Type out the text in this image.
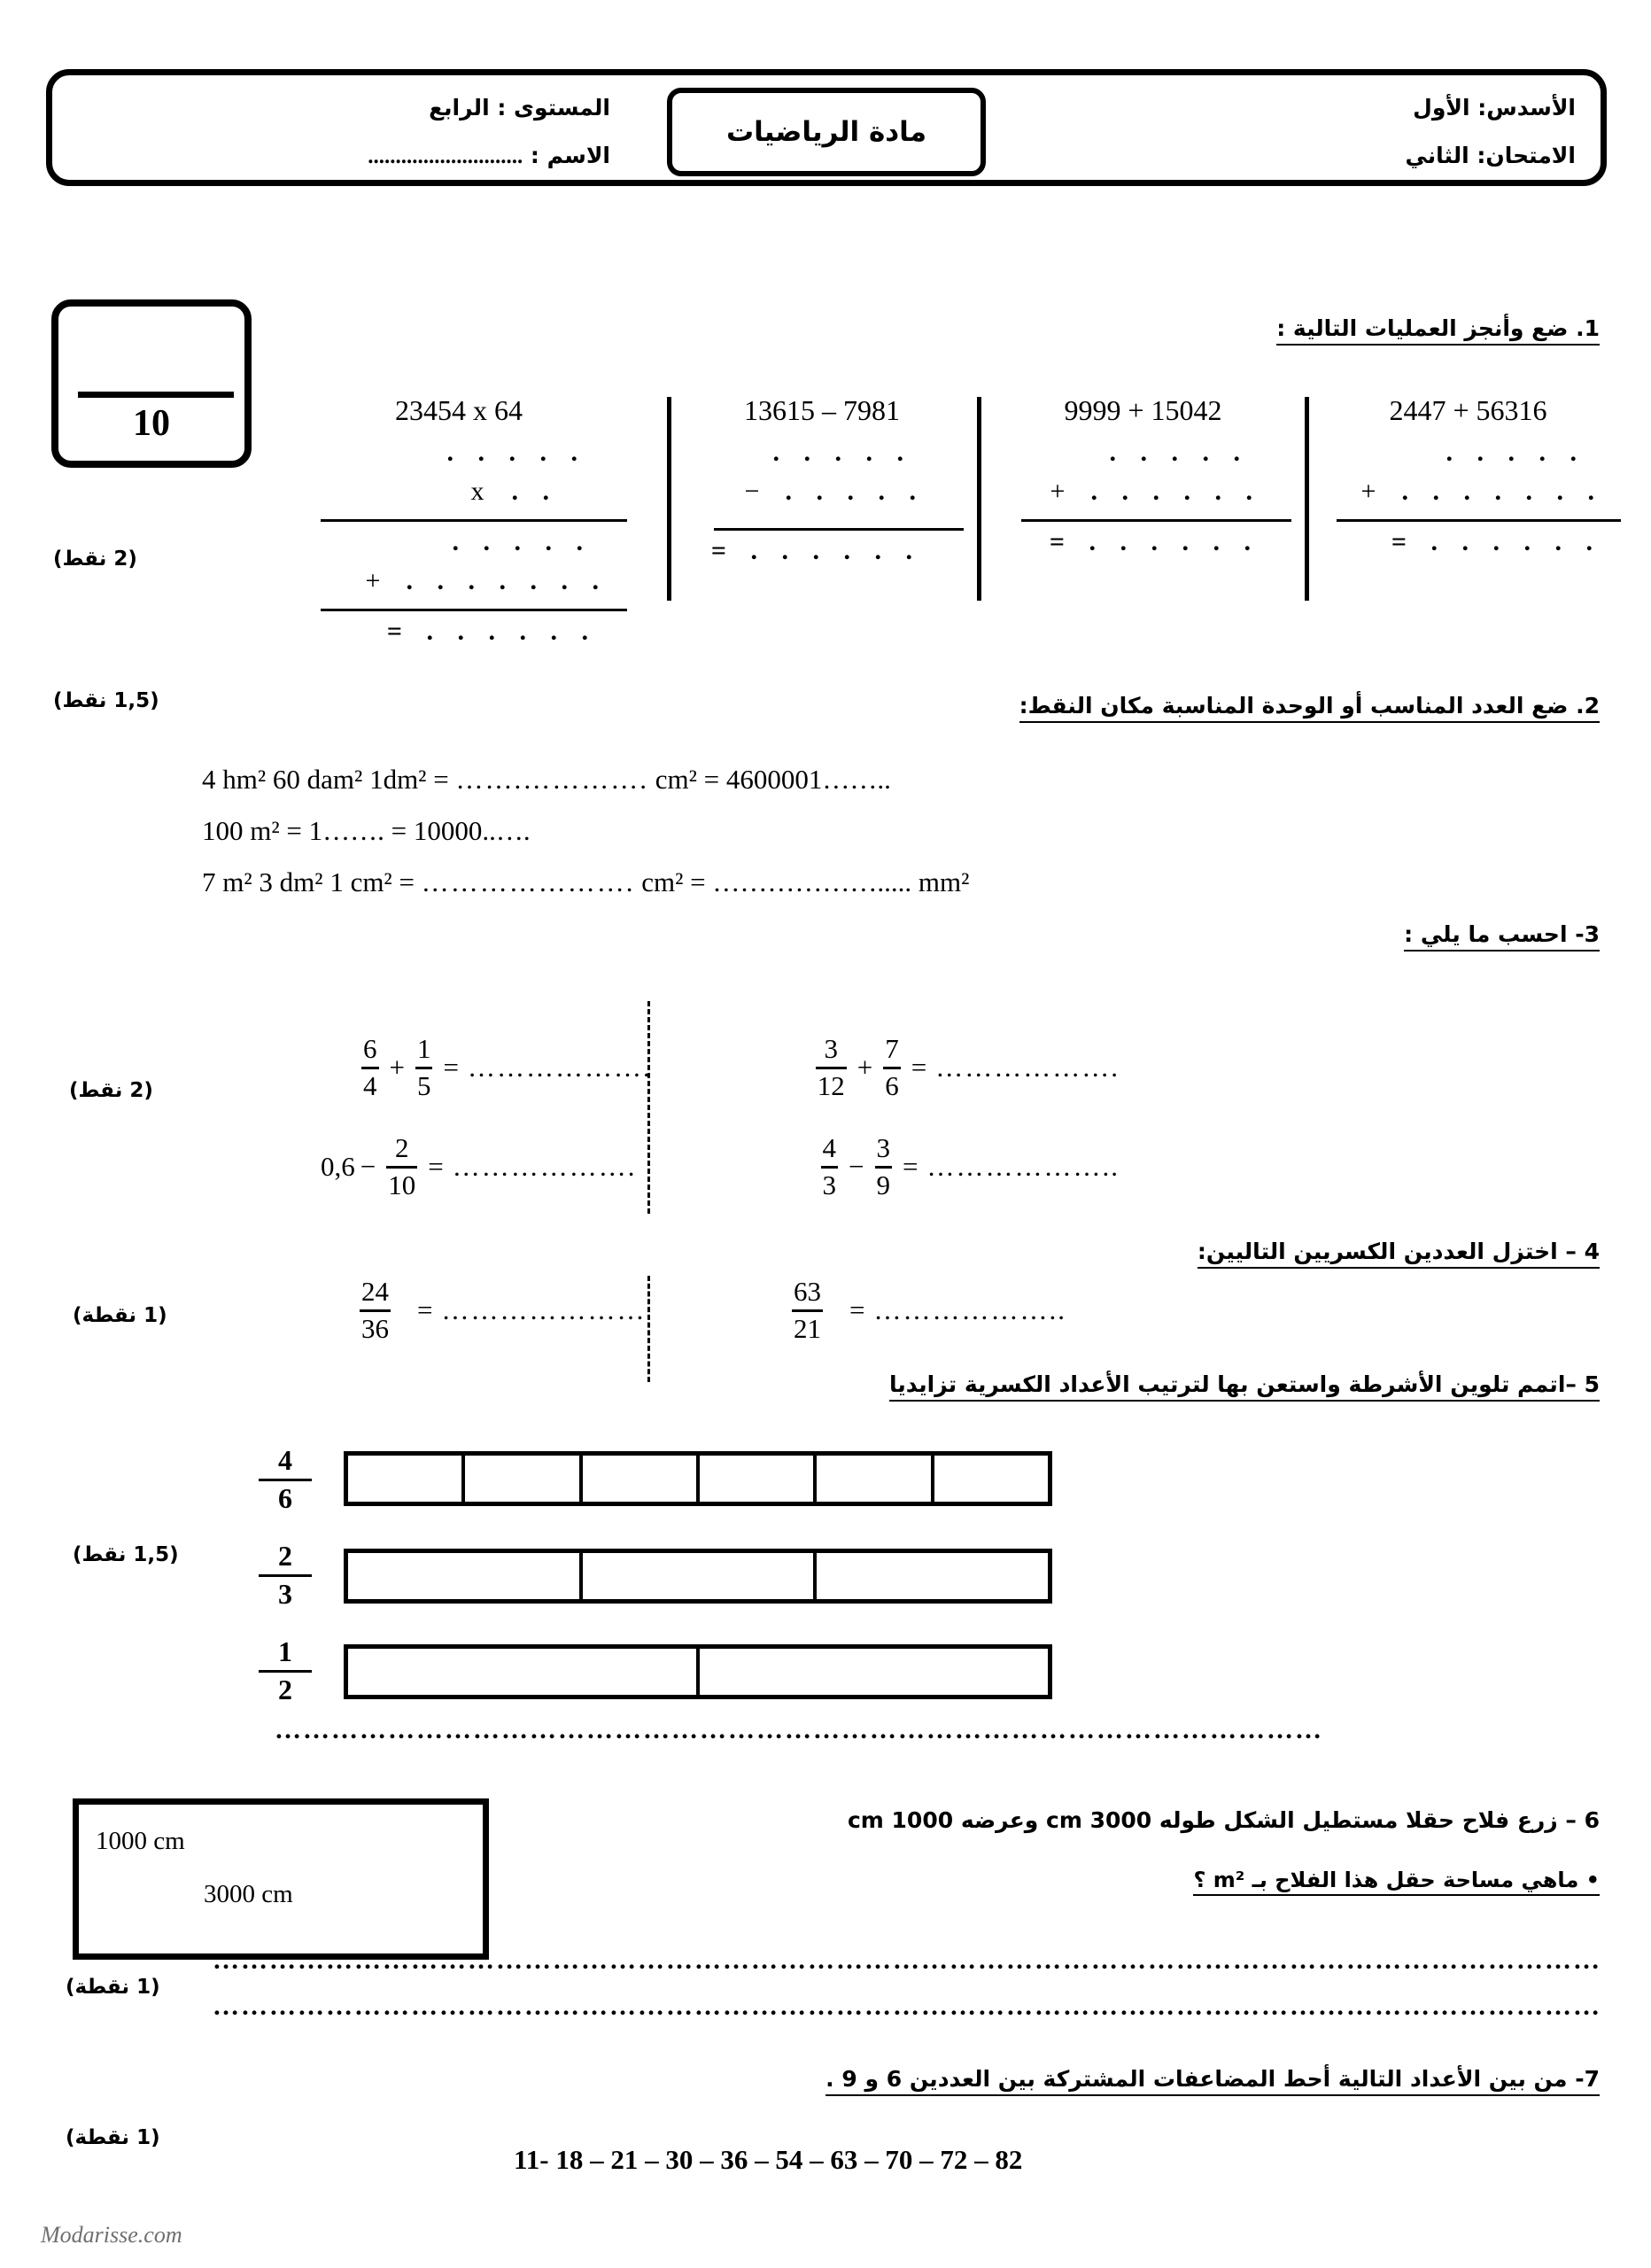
الأسدس: الأول
الامتحان: الثاني
مادة الرياضيات
المستوى : الرابع
الاسم : ............................
10
1. ضع وأنجز العمليات التالية :
(2 نقط)
(1,5 نقط)
2447 + 56316
. . . . .
+ . . . . . . .
= . . . . . .
9999 + 15042
. . . . .
+ . . . . . .
= . . . . . .
13615 – 7981
. . . . .
− . . . . .
= . . . . . .
23454 x 64
. . . . .
x	. .
. . . . .
+ . . . . . . .
= . . . . . .
2. ضع العدد المناسب أو الوحدة المناسبة مكان النقط:
4 hm² 60 dam² 1dm² = …….…………. cm² = 4600001……..
100 m² = 1……. = 10000..….
7 m² 3 dm² 1 cm² = …………………. cm² = ………………..... mm²
3- احسب ما يلي :
(2 نقط)	$\frac{3}{12} + \frac{7}{6}$ = ……………….
$\frac{4}{3} - \frac{3}{9}$ = ………………..
$\frac{6}{4} + \frac{1}{5}$ = ……………….
$0,6 - \frac{2}{10}$ = ……………….
4 – اختزل العددين الكسريين التاليين:
(1 نقطة)	$\frac{63}{21}$ = ………………..
$\frac{24}{36}$ = …………………
5 –اتمم تلوين الأشرطة واستعن بها لترتيب الأعداد الكسرية تزايديا
(1,5 نقط)
4
6
2
3
1
2
…………………………………………………………………………………………………
1000 cm
3000 cm
6 – زرع فلاح حقلا مستطيل الشكل طوله 3000 cm وعرضه 1000 cm
• ماهي مساحة حقل هذا الفلاح بـ m² ؟
(1 نقطة)
…………………………………………………………………………………………………………………………………
…………………………………………………………………………………………………………………………………
7- من بين الأعداد التالية أحط المضاعفات المشتركة بين العددين 6 و 9 .
(1 نقطة)
11- 18 – 21 – 30 – 36 – 54 – 63 – 70 – 72 – 82
Modarisse.com
